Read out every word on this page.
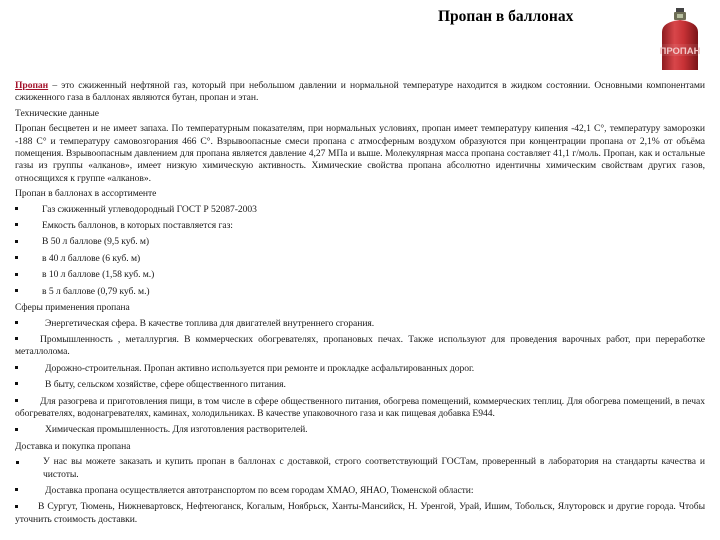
Пропан в баллонах
ПРОПАН

Пропан – это сжиженный нефтяной газ, который при небольшом давлении и нормальной температуре находится в жидком состоянии. Основными компонентами сжиженного газа в баллонах являются бутан, пропан и этан.

Технические данные

Пропан бесцветен и не имеет запаха. По температурным показателям, при нормальных условиях, пропан имеет температуру кипения -42,1 С°, температуру заморозки -188 С° и температуру самовозгорания 466 С°. Взрывоопасные смеси пропана с атмосферным воздухом образуются при концентрации пропана от 2,1% от объёма помещения. Взрывоопасным давлением для пропана является давление 4,27 МПа и выше. Молекулярная масса пропана составляет 41,1 г/моль. Пропан, как и остальные газы из группы «алканов», имеет низкую химическую активность. Химические свойства пропана абсолютно идентичны химическим свойствам других газов, относящихся к группе «алканов».

Пропан в баллонах в ассортименте

Газ сжиженный углеводородный ГОСТ Р 52087-2003
Емкость баллонов, в которых поставляется газ:
В 50 л баллове (9,5 куб. м)
в 40 л баллове (6 куб. м)
в 10 л баллове (1,58 куб. м.)
в 5 л баллове (0,79 куб. м.)

Сферы применения пропана

Энергетическая сфера. В качестве топлива для двигателей внутреннего сгорания.
Промышленность , металлургия. В коммерческих обогревателях, пропановых печах. Также используют для проведения варочных работ, при переработке металлолома.
Дорожно-строительная. Пропан активно используется при ремонте и прокладке асфальтированных дорог.
В быту, сельском хозяйстве, сфере общественного питания.
Для разогрева и приготовления пищи, в том числе в сфере общественного питания, обогрева помещений, коммерческих теплиц. Для обогрева помещений, в печах обогревателях, водонагревателях, каминах, холодильниках. В качестве упаковочного газа и как пищевая добавка Е944.
Химическая промышленность. Для изготовления растворителей.

Доставка и покупка пропана

У нас вы можете заказать и купить пропан в баллонах с доставкой, строго соответствующий ГОСТам, проверенный в лаборатория на стандарты качества и чистоты.
Доставка пропана осуществляется автотранспортом по всем городам ХМАО, ЯНАО, Тюменской области:
В Сургут, Тюмень, Нижневартовск, Нефтеюганск, Когалым, Ноябрьск, Ханты-Мансийск, Н. Уренгой, Урай, Ишим, Тобольск, Ялуторовск и другие города. Чтобы уточнить стоимость доставки.
